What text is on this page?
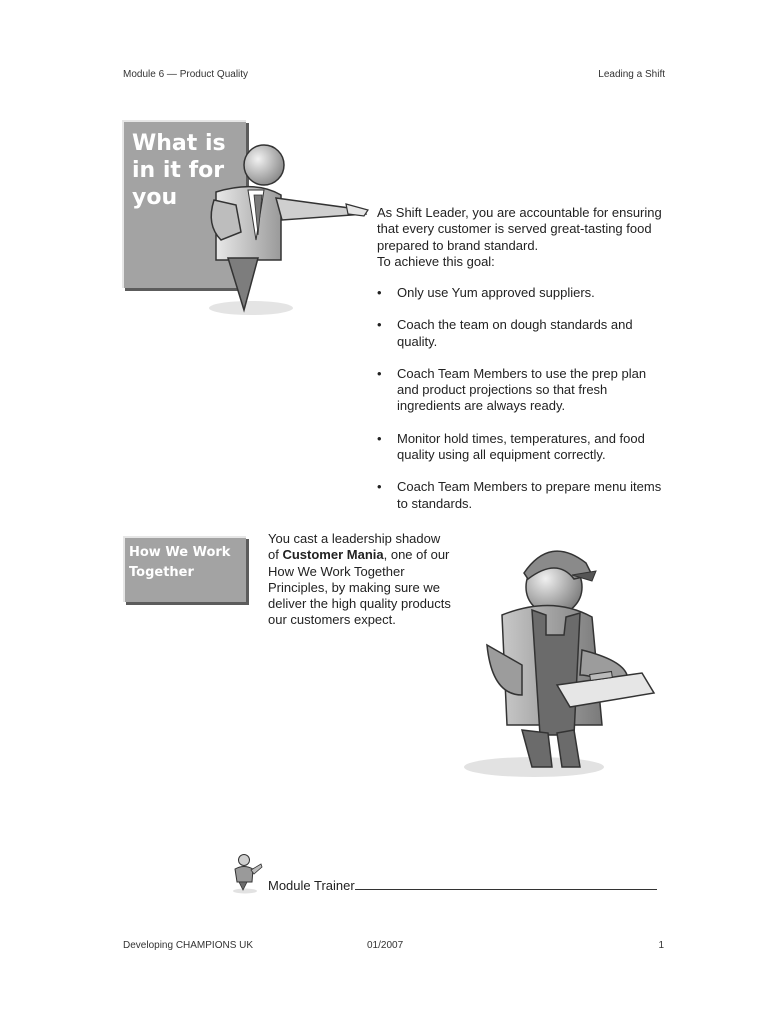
Module 6 — Product Quality	Leading a Shift
What is in it for you
As Shift Leader, you are accountable for ensuring that every customer is served great-tasting food prepared to brand standard.
To achieve this goal:
• Only use Yum approved suppliers.
• Coach the team on dough standards and quality.
• Coach Team Members to use the prep plan and product projections so that fresh ingredients are always ready.
• Monitor hold times, temperatures, and food quality using all equipment correctly.
• Coach Team Members to prepare menu items to standards.
How We Work Together
You cast a leadership shadow of Customer Mania, one of our How We Work Together Principles, by making sure we deliver the high quality products our customers expect.
Module Trainer
Developing CHAMPIONS UK	01/2007	1
